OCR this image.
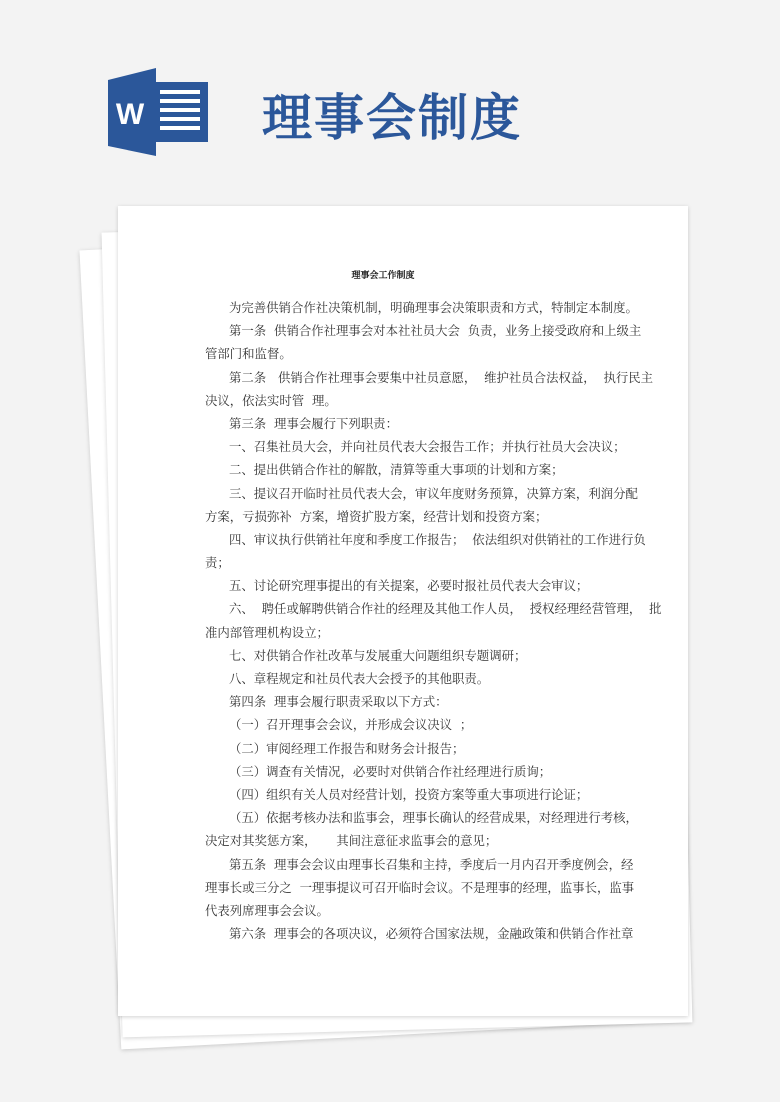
W 理事会制度
理事会工作制度
为完善供销合作社决策机制，明确理事会决策职责和方式，特制定本制度。
第一条  供销合作社理事会对本社社员大会  负责，业务上接受政府和上级主
管部门和监督。
第二条   供销合作社理事会要集中社员意愿，  维护社员合法权益，  执行民主
决议，依法实时管  理。
第三条  理事会履行下列职责：
一、召集社员大会，并向社员代表大会报告工作；并执行社员大会决议；
二、提出供销合作社的解散，清算等重大事项的计划和方案；
三、提议召开临时社员代表大会，审议年度财务预算，决算方案，利润分配
方案，亏损弥补  方案，增资扩股方案，经营计划和投资方案；
四、审议执行供销社年度和季度工作报告；  依法组织对供销社的工作进行负
责；
五、讨论研究理事提出的有关提案，必要时报社员代表大会审议；
六、  聘任或解聘供销合作社的经理及其他工作人员，  授权经理经营管理，  批
准内部管理机构设立；
七、对供销合作社改革与发展重大问题组织专题调研；
八、章程规定和社员代表大会授予的其他职责。
第四条  理事会履行职责采取以下方式：
（一）召开理事会会议，并形成会议决议  ；
（二）审阅经理工作报告和财务会计报告；
（三）调查有关情况，必要时对供销合作社经理进行质询；
（四）组织有关人员对经营计划，投资方案等重大事项进行论证；
（五）依据考核办法和监事会，理事长确认的经营成果，对经理进行考核，
决定对其奖惩方案，     其间注意征求监事会的意见；
第五条  理事会会议由理事长召集和主持，季度后一月内召开季度例会，经
理事长或三分之  一理事提议可召开临时会议。不是理事的经理，监事长，监事
代表列席理事会会议。
第六条  理事会的各项决议，必须符合国家法规，金融政策和供销合作社章
